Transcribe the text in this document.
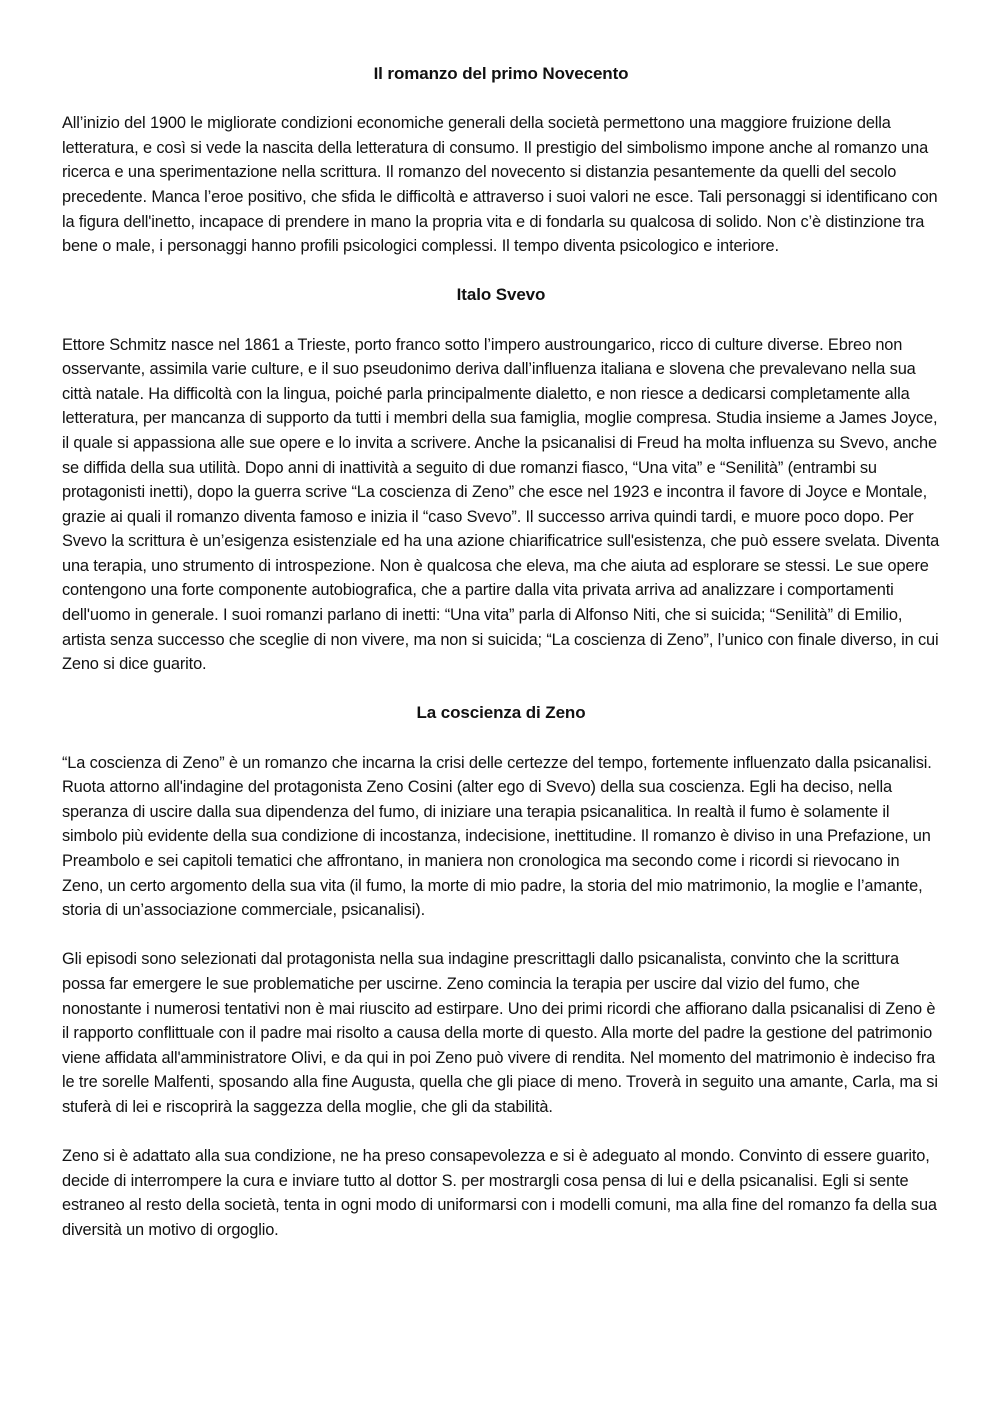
Il romanzo del primo Novecento

All’inizio del 1900 le migliorate condizioni economiche generali della società permettono una maggiore fruizione della letteratura, e così si vede la nascita della letteratura di consumo. Il prestigio del simbolismo impone anche al romanzo una ricerca e una sperimentazione nella scrittura. Il romanzo del novecento si distanzia pesantemente da quelli del secolo precedente. Manca l’eroe positivo, che sfida le difficoltà e attraverso i suoi valori ne esce. Tali personaggi si identificano con la figura dell'inetto, incapace di prendere in mano la propria vita e di fondarla su qualcosa di solido. Non c’è distinzione tra bene o male, i personaggi hanno profili psicologici complessi. Il tempo diventa psicologico e interiore.

Italo Svevo

Ettore Schmitz nasce nel 1861 a Trieste, porto franco sotto l’impero austroungarico, ricco di culture diverse. Ebreo non osservante, assimila varie culture, e il suo pseudonimo deriva dall’influenza italiana e slovena che prevalevano nella sua città natale. Ha difficoltà con la lingua, poiché parla principalmente dialetto, e non riesce a dedicarsi completamente alla letteratura, per mancanza di supporto da tutti i membri della sua famiglia, moglie compresa. Studia insieme a James Joyce, il quale si appassiona alle sue opere e lo invita a scrivere. Anche la psicanalisi di Freud ha molta influenza su Svevo, anche se diffida della sua utilità. Dopo anni di inattività a seguito di due romanzi fiasco, “Una vita” e “Senilità” (entrambi su protagonisti inetti), dopo la guerra scrive “La coscienza di Zeno” che esce nel 1923 e incontra il favore di Joyce e Montale, grazie ai quali il romanzo diventa famoso e inizia il “caso Svevo”. Il successo arriva quindi tardi, e muore poco dopo. Per Svevo la scrittura è un’esigenza esistenziale ed ha una azione chiarificatrice sull'esistenza, che può essere svelata. Diventa una terapia, uno strumento di introspezione. Non è qualcosa che eleva, ma che aiuta ad esplorare se stessi. Le sue opere contengono una forte componente autobiografica, che a partire dalla vita privata arriva ad analizzare i comportamenti dell'uomo in generale. I suoi romanzi parlano di inetti: “Una vita” parla di Alfonso Niti, che si suicida; “Senilità” di Emilio, artista senza successo che sceglie di non vivere, ma non si suicida; “La coscienza di Zeno”, l’unico con finale diverso, in cui Zeno si dice guarito.

La coscienza di Zeno

“La coscienza di Zeno” è un romanzo che incarna la crisi delle certezze del tempo, fortemente influenzato dalla psicanalisi. Ruota attorno all'indagine del protagonista Zeno Cosini (alter ego di Svevo) della sua coscienza. Egli ha deciso, nella speranza di uscire dalla sua dipendenza del fumo, di iniziare una terapia psicanalitica. In realtà il fumo è solamente il simbolo più evidente della sua condizione di incostanza, indecisione, inettitudine. Il romanzo è diviso in una Prefazione, un Preambolo e sei capitoli tematici che affrontano, in maniera non cronologica ma secondo come i ricordi si rievocano in Zeno, un certo argomento della sua vita (il fumo, la morte di mio padre, la storia del mio matrimonio, la moglie e l’amante, storia di un’associazione commerciale, psicanalisi).

Gli episodi sono selezionati dal protagonista nella sua indagine prescrittagli dallo psicanalista, convinto che la scrittura possa far emergere le sue problematiche per uscirne. Zeno comincia la terapia per uscire dal vizio del fumo, che nonostante i numerosi tentativi non è mai riuscito ad estirpare. Uno dei primi ricordi che affiorano dalla psicanalisi di Zeno è il rapporto conflittuale con il padre mai risolto a causa della morte di questo. Alla morte del padre la gestione del patrimonio viene affidata all'amministratore Olivi, e da qui in poi Zeno può vivere di rendita. Nel momento del matrimonio è indeciso fra le tre sorelle Malfenti, sposando alla fine Augusta, quella che gli piace di meno. Troverà in seguito una amante, Carla, ma si stuferà di lei e riscoprirà la saggezza della moglie, che gli da stabilità.

Zeno si è adattato alla sua condizione, ne ha preso consapevolezza e si è adeguato al mondo. Convinto di essere guarito, decide di interrompere la cura e inviare tutto al dottor S. per mostrargli cosa pensa di lui e della psicanalisi. Egli si sente estraneo al resto della società, tenta in ogni modo di uniformarsi con i modelli comuni, ma alla fine del romanzo fa della sua diversità un motivo di orgoglio.
